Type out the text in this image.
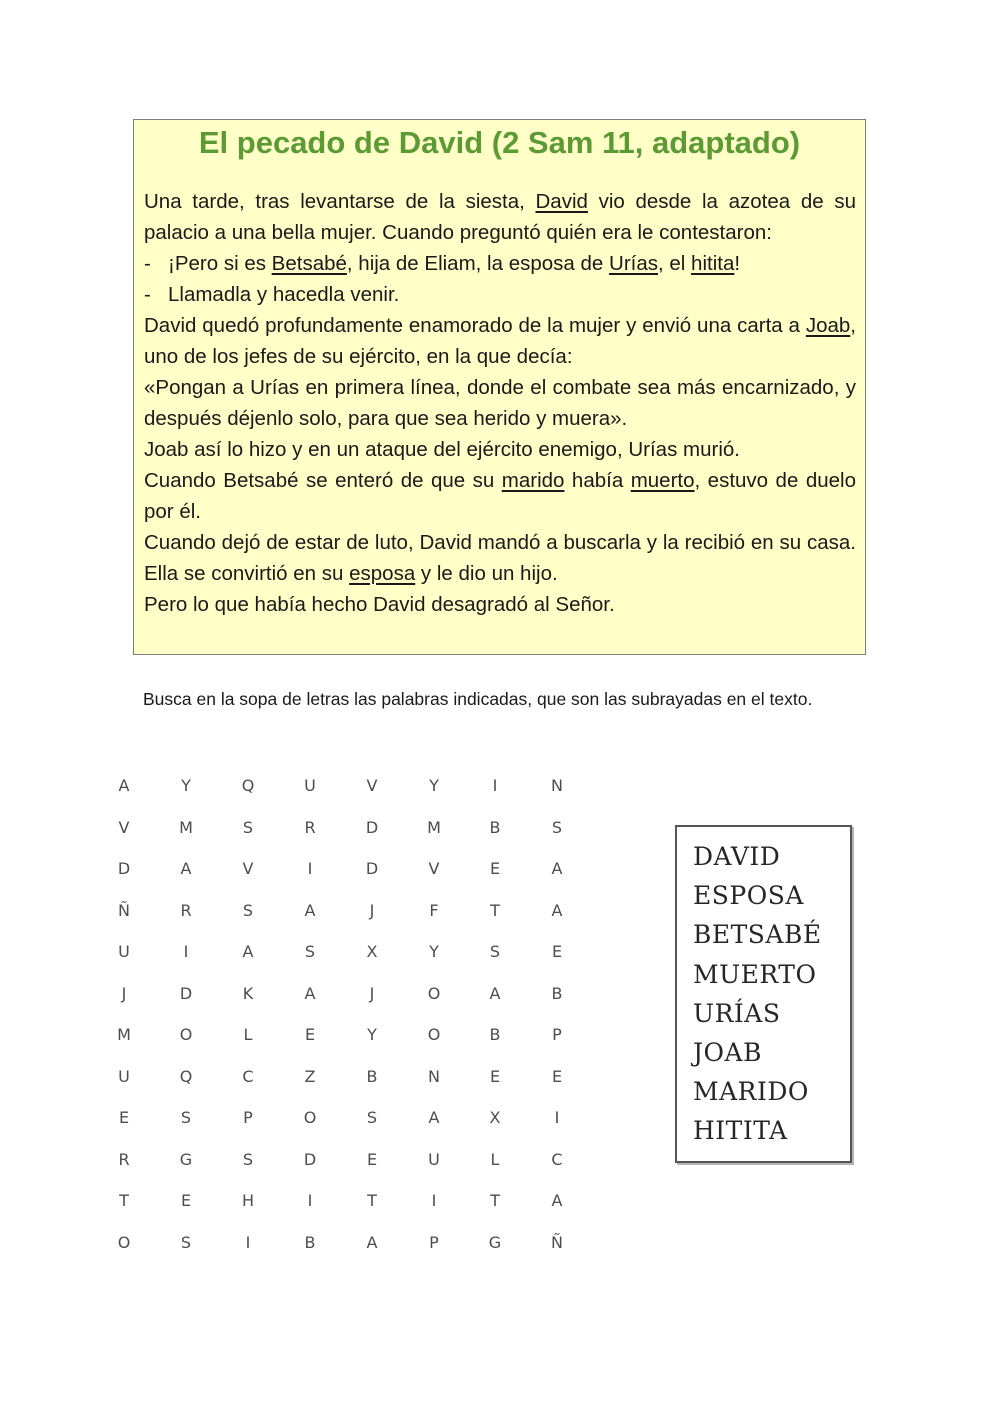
El pecado de David (2 Sam 11, adaptado)

Una tarde, tras levantarse de la siesta, David vio desde la azotea de su palacio a una bella mujer. Cuando preguntó quién era le contestaron:

- ¡Pero si es Betsabé, hija de Eliam, la esposa de Urías, el hitita!

- Llamadla y hacedla venir.

David quedó profundamente enamorado de la mujer y envió una carta a Joab, uno de los jefes de su ejército, en la que decía:

«Pongan a Urías en primera línea, donde el combate sea más encarnizado, y después déjenlo solo, para que sea herido y muera».

Joab así lo hizo y en un ataque del ejército enemigo, Urías murió.

Cuando Betsabé se enteró de que su marido había muerto, estuvo de duelo por él.

Cuando dejó de estar de luto, David mandó a buscarla y la recibió en su casa. Ella se convirtió en su esposa y le dio un hijo.

Pero lo que había hecho David desagradó al Señor.

Busca en la sopa de letras las palabras indicadas, que son las subrayadas en el texto.

A	Y	Q	U	V	Y	I	N
V	M	S	R	D	M	B	S
D	A	V	I	D	V	E	A
Ñ	R	S	A	J	F	T	A
U	I	A	S	X	Y	S	E
J	D	K	A	J	O	A	B
M	O	L	E	Y	O	B	P
U	Q	C	Z	B	N	E	E
E	S	P	O	S	A	X	I
R	G	S	D	E	U	L	C
T	E	H	I	T	I	T	A
O	S	I	B	A	P	G	Ñ
DAVID
ESPOSA
BETSABÉ
MUERTO
URÍAS
JOAB
MARIDO
HITITA
